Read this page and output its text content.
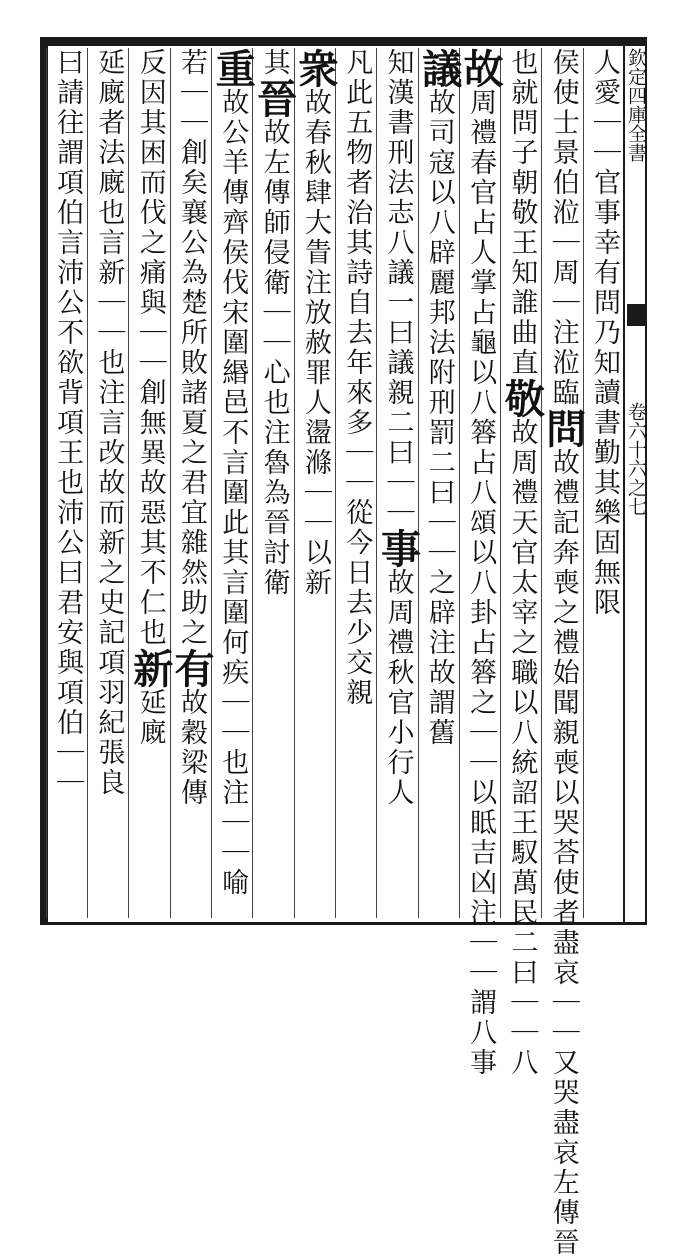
欽定四庫全書卷六十六之七
人愛｜｜官事幸有問乃知讀書勤其樂固無限
侯使士景伯涖｜周｜注涖臨問故禮記奔喪之禮始聞親喪以哭荅使者盡哀｜｜又哭盡哀左傳晉
也就問子朝敬王知誰曲直敬故周禮天官太宰之職以八統詔王馭萬民二曰｜｜八
故周禮春官占人掌占龜以八簭占八頌以八卦占簭之｜｜以眡吉凶注｜｜謂八事
議故司寇以八辟麗邦法附刑罰二曰｜｜之辟注故謂舊
知漢書刑法志八議一曰議親二曰｜｜事故周禮秋官小行人
凡此五物者治其詩自去年來多｜｜從今日去少交親
衆故春秋肆大眚注放赦罪人盪滌｜｜以新
其晉故左傳師侵衛｜｜心也注魯為晉討衛
重故公羊傳齊侯伐宋圍緡邑不言圍此其言圍何疾｜｜也注｜｜喻
若｜｜創矣襄公為楚所敗諸夏之君宜雜然助之有故穀梁傳
反因其困而伐之痛與｜｜創無異故惡其不仁也新延廐
延廐者法廐也言新｜｜也注言改故而新之史記項羽紀張良
曰請往謂項伯言沛公不欲背項王也沛公曰君安與項伯｜｜
